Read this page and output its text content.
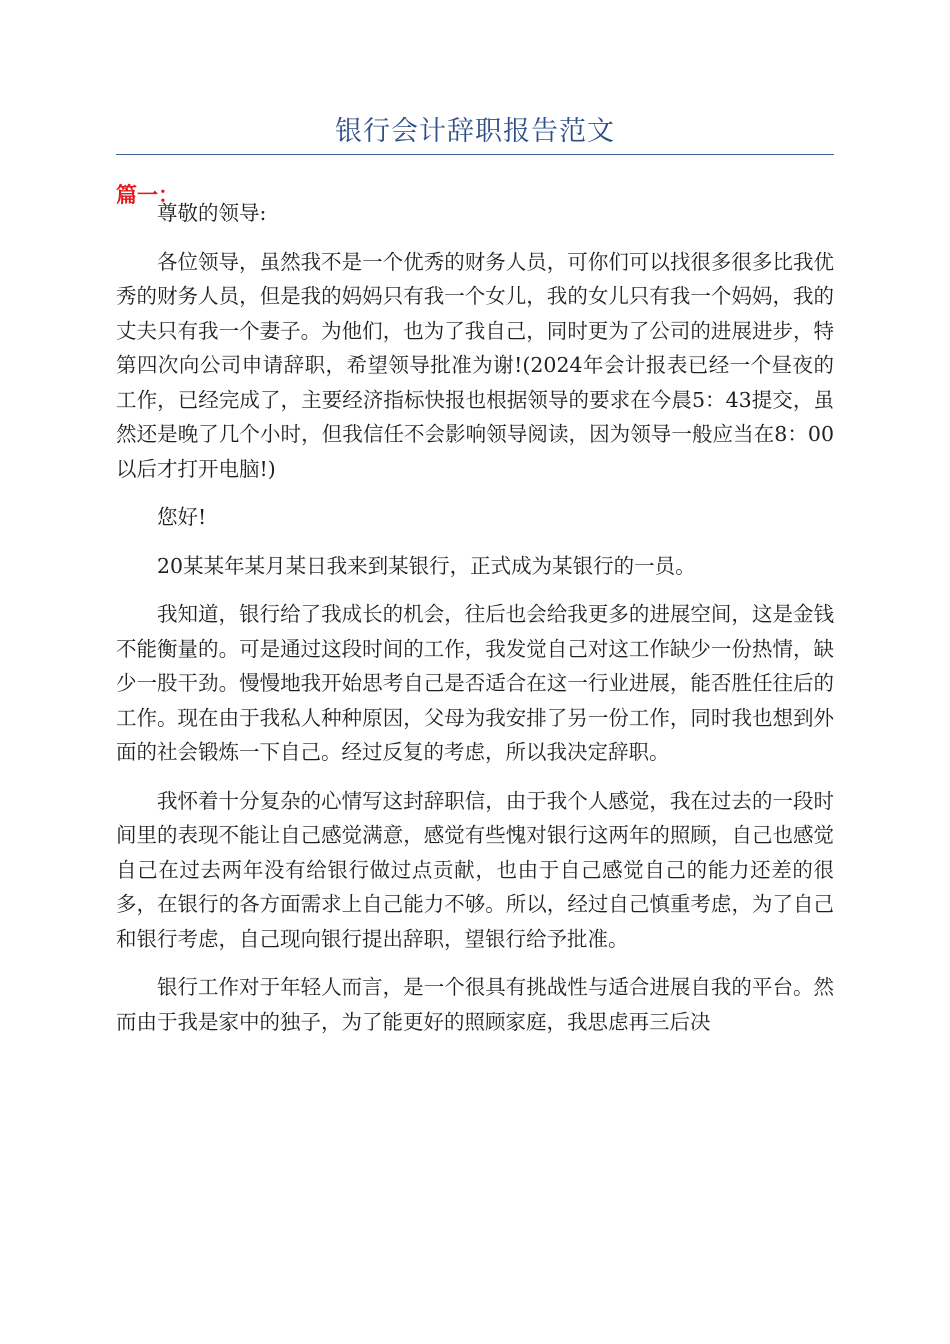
银行会计辞职报告范文
篇一：

尊敬的领导:

各位领导，虽然我不是一个优秀的财务人员，可你们可以找很多很多比我优秀的财务人员，但是我的妈妈只有我一个女儿，我的女儿只有我一个妈妈，我的丈夫只有我一个妻子。为他们，也为了我自己，同时更为了公司的进展进步，特第四次向公司申请辞职，希望领导批准为谢!(2024年会计报表已经一个昼夜的工作，已经完成了，主要经济指标快报也根据领导的要求在今晨5：43提交，虽然还是晚了几个小时，但我信任不会影响领导阅读，因为领导一般应当在8：00以后才打开电脑!)

您好!

20某某年某月某日我来到某银行，正式成为某银行的一员。

我知道，银行给了我成长的机会，往后也会给我更多的进展空间，这是金钱不能衡量的。可是通过这段时间的工作，我发觉自己对这工作缺少一份热情，缺少一股干劲。慢慢地我开始思考自己是否适合在这一行业进展，能否胜任往后的工作。现在由于我私人种种原因，父母为我安排了另一份工作，同时我也想到外面的社会锻炼一下自己。经过反复的考虑，所以我决定辞职。

我怀着十分复杂的心情写这封辞职信，由于我个人感觉，我在过去的一段时间里的表现不能让自己感觉满意，感觉有些愧对银行这两年的照顾，自己也感觉自己在过去两年没有给银行做过点贡献，也由于自己感觉自己的能力还差的很多，在银行的各方面需求上自己能力不够。所以，经过自己慎重考虑，为了自己和银行考虑，自己现向银行提出辞职，望银行给予批准。

银行工作对于年轻人而言，是一个很具有挑战性与适合进展自我的平台。然而由于我是家中的独子，为了能更好的照顾家庭，我思虑再三后决
